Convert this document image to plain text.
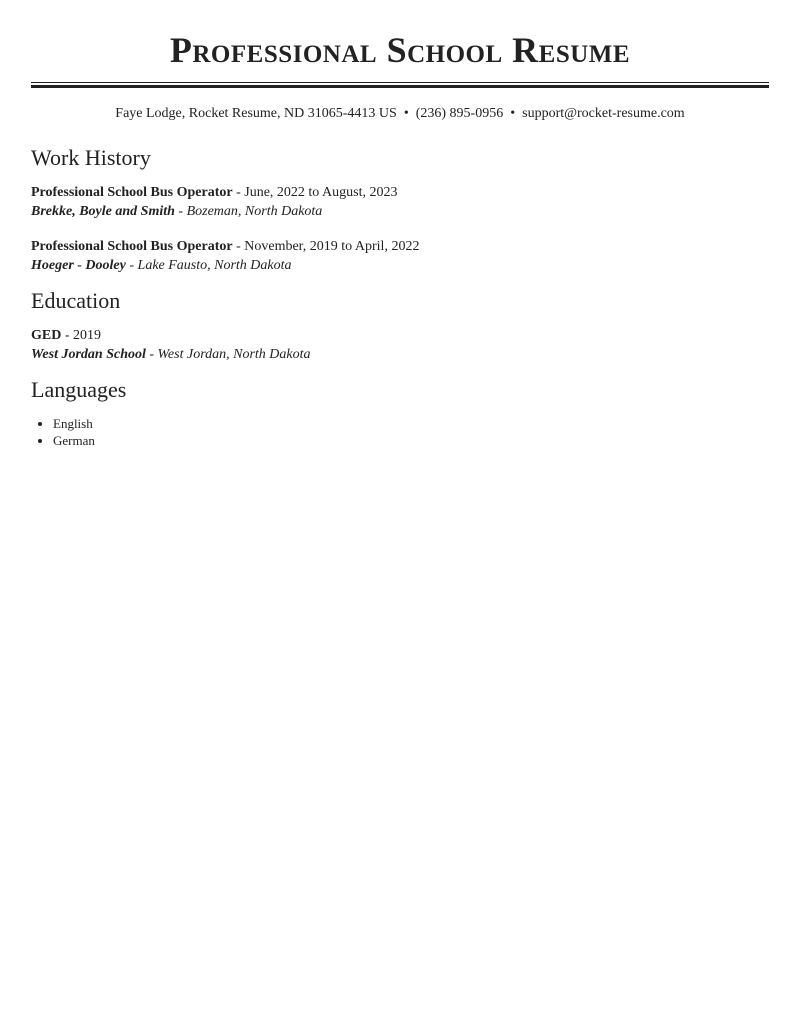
Professional School Resume
Faye Lodge, Rocket Resume, ND 31065-4413 US • (236) 895-0956 • support@rocket-resume.com
Work History
Professional School Bus Operator - June, 2022 to August, 2023
Brekke, Boyle and Smith - Bozeman, North Dakota
Professional School Bus Operator - November, 2019 to April, 2022
Hoeger - Dooley - Lake Fausto, North Dakota
Education
GED - 2019
West Jordan School - West Jordan, North Dakota
Languages
• English
• German
